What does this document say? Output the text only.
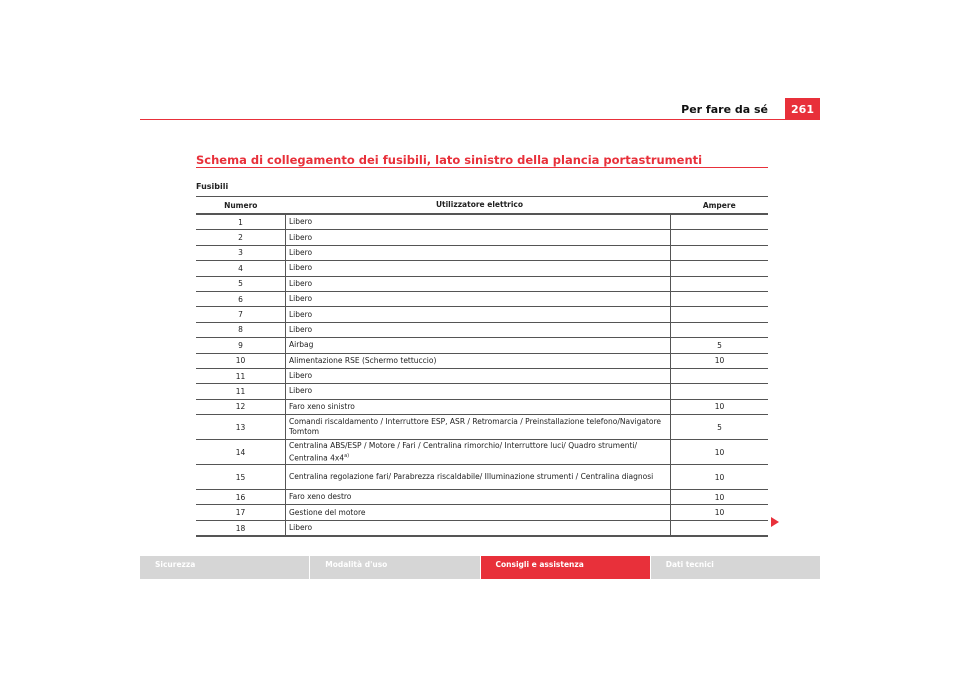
Per fare da sé	261
Schema di collegamento dei fusibili, lato sinistro della plancia portastrumenti
Fusibili
Numero	Utilizzatore elettrico	Ampere
1	Libero	
2	Libero	
3	Libero	
4	Libero	
5	Libero	
6	Libero	
7	Libero	
8	Libero	
9	Airbag	5
10	Alimentazione RSE (Schermo tettuccio)	10
11	Libero	
11	Libero	
12	Faro xeno sinistro	10
13	Comandi riscaldamento / Interruttore ESP, ASR / Retromarcia / Preinstallazione telefono/Navigatore Tomtom	5
14	Centralina ABS/ESP / Motore / Fari / Centralina rimorchio/ Interruttore luci/ Quadro strumenti/ Centralina 4x4$^{a)}$	10
15	Centralina regolazione fari/ Parabrezza riscaldabile/ Illuminazione strumenti / Centralina diagnosi	10
16	Faro xeno destro	10
17	Gestione del motore	10
18	Libero	
Sicurezza	Modalità d'uso	Consigli e assistenza	Dati tecnici
